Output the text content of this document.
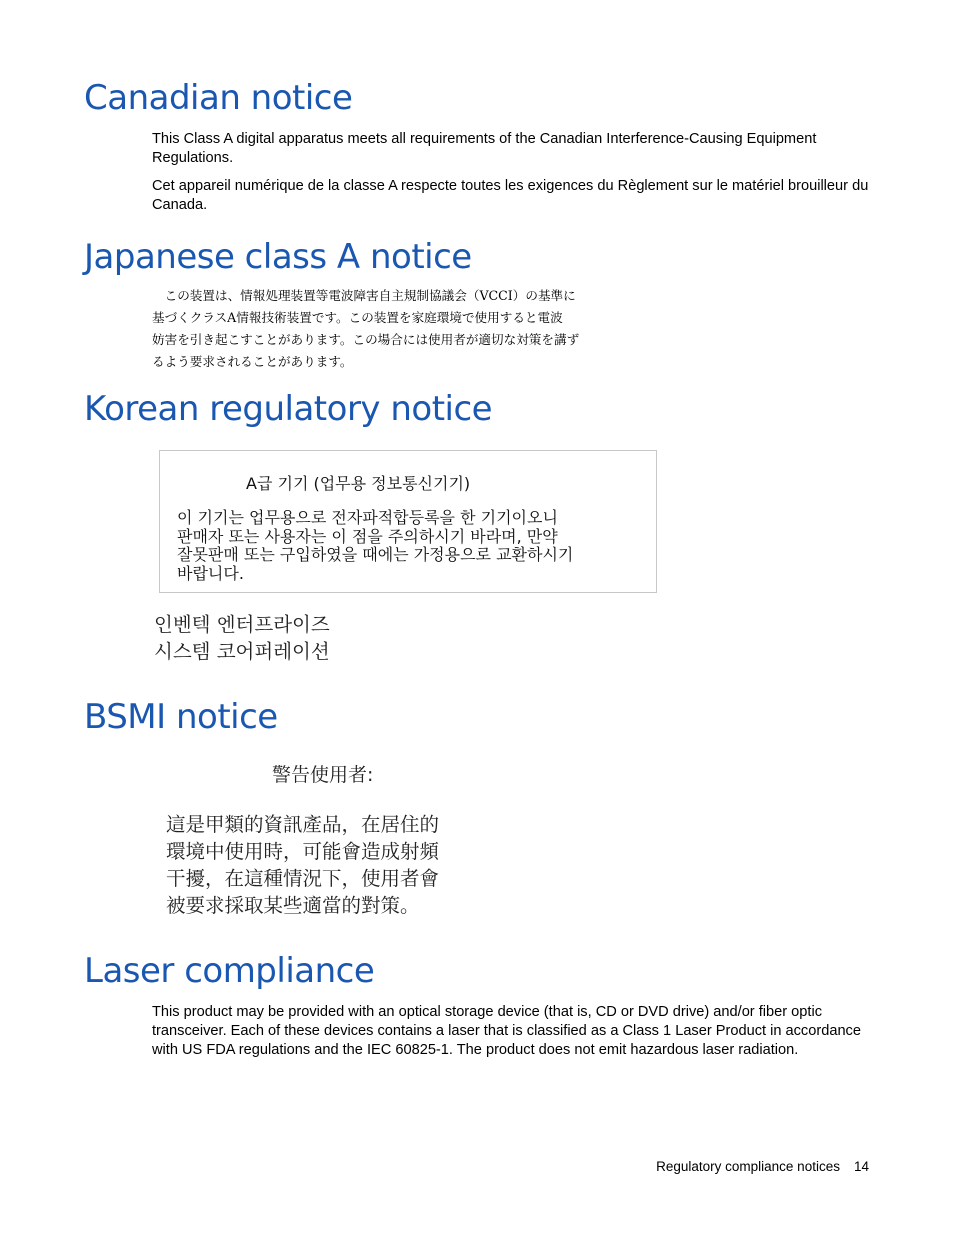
Canadian notice

This Class A digital apparatus meets all requirements of the Canadian Interference-Causing Equipment Regulations.

Cet appareil numérique de la classe A respecte toutes les exigences du Règlement sur le matériel brouilleur du Canada.

Japanese class A notice
　この装置は、情報処理装置等電波障害自主規制協議会（VCCI）の基準に
基づくクラスA情報技術装置です。この装置を家庭環境で使用すると電波
妨害を引き起こすことがあります。この場合には使用者が適切な対策を講ず
るよう要求されることがあります。
Korean regulatory notice
A급 기기 (업무용 정보통신기기)
이 기기는 업무용으로 전자파적합등록을 한 기기이오니
판매자 또는 사용자는 이 점을 주의하시기 바라며, 만약
잘못판매 또는 구입하였을 때에는 가정용으로 교환하시기
바랍니다.
인벤텍 엔터프라이즈
시스템 코어퍼레이션
BSMI notice
警告使用者:
這是甲類的資訊產品，在居住的
環境中使用時，可能會造成射頻
干擾，在這種情況下，使用者會
被要求採取某些適當的對策。
Laser compliance

This product may be provided with an optical storage device (that is, CD or DVD drive) and/or fiber optic transceiver. Each of these devices contains a laser that is classified as a Class 1 Laser Product in accordance with US FDA regulations and the IEC 60825-1. The product does not emit hazardous laser radiation.

Regulatory compliance notices 14
